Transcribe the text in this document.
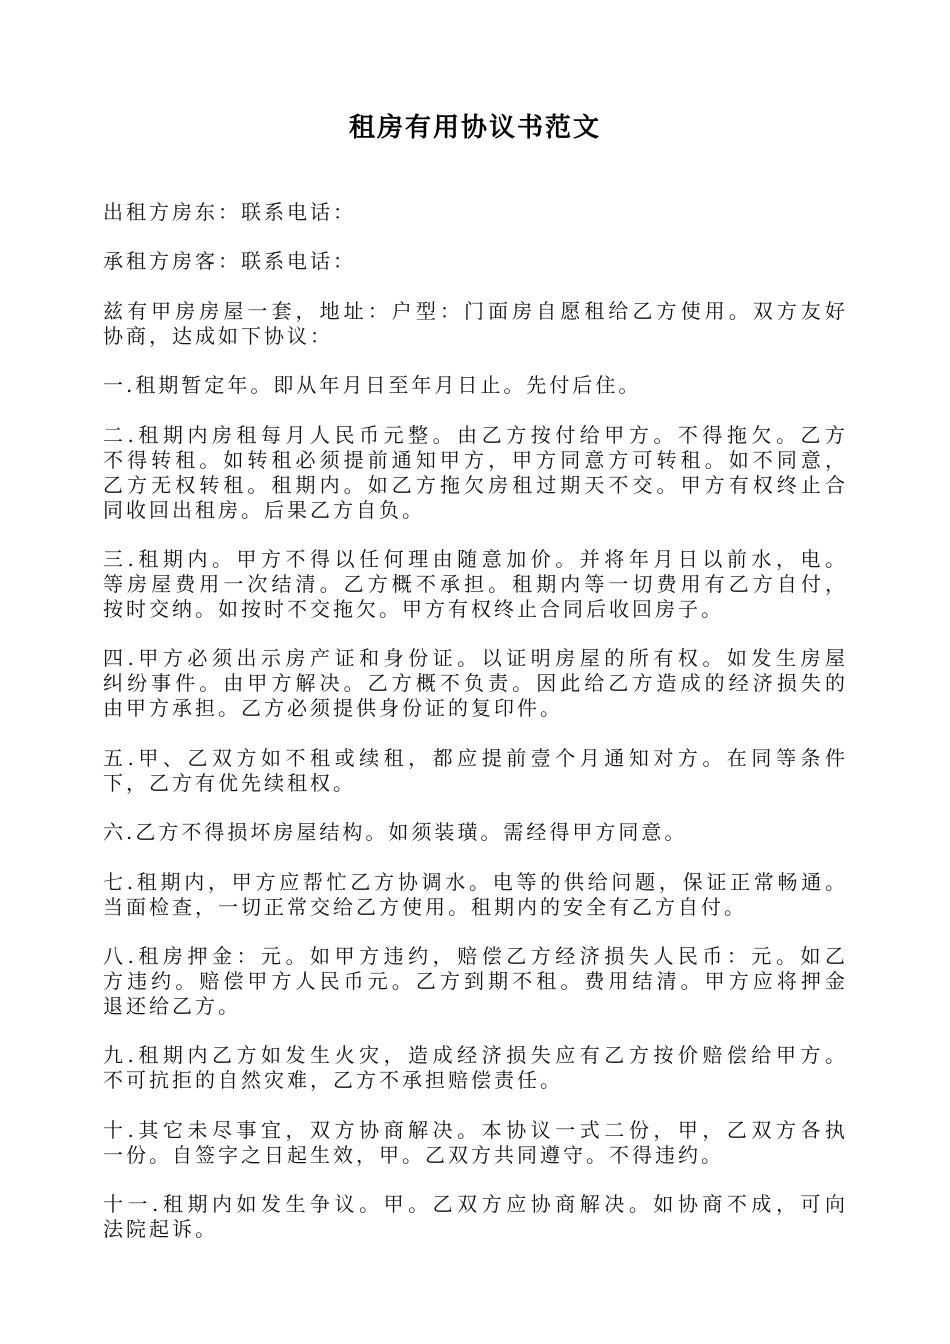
租房有用协议书范文
出租方房东：联系电话：
承租方房客：联系电话：
兹有甲房房屋一套，地址：户型：门面房自愿租给乙方使用。双方友好
协商，达成如下协议：
一.租期暂定年。即从年月日至年月日止。先付后住。
二.租期内房租每月人民币元整。由乙方按付给甲方。不得拖欠。乙方
不得转租。如转租必须提前通知甲方，甲方同意方可转租。如不同意，
乙方无权转租。租期内。如乙方拖欠房租过期天不交。甲方有权终止合
同收回出租房。后果乙方自负。
三.租期内。甲方不得以任何理由随意加价。并将年月日以前水，电。
等房屋费用一次结清。乙方概不承担。租期内等一切费用有乙方自付，
按时交纳。如按时不交拖欠。甲方有权终止合同后收回房子。
四.甲方必须出示房产证和身份证。以证明房屋的所有权。如发生房屋
纠纷事件。由甲方解决。乙方概不负责。因此给乙方造成的经济损失的
由甲方承担。乙方必须提供身份证的复印件。
五.甲、乙双方如不租或续租，都应提前壹个月通知对方。在同等条件
下，乙方有优先续租权。
六.乙方不得损坏房屋结构。如须装璜。需经得甲方同意。
七.租期内，甲方应帮忙乙方协调水。电等的供给问题，保证正常畅通。
当面检查，一切正常交给乙方使用。租期内的安全有乙方自付。
八.租房押金：元。如甲方违约，赔偿乙方经济损失人民币：元。如乙
方违约。赔偿甲方人民币元。乙方到期不租。费用结清。甲方应将押金
退还给乙方。
九.租期内乙方如发生火灾，造成经济损失应有乙方按价赔偿给甲方。
不可抗拒的自然灾难，乙方不承担赔偿责任。
十.其它未尽事宜，双方协商解决。本协议一式二份，甲，乙双方各执
一份。自签字之日起生效，甲。乙双方共同遵守。不得违约。
十一.租期内如发生争议。甲。乙双方应协商解决。如协商不成，可向
法院起诉。
